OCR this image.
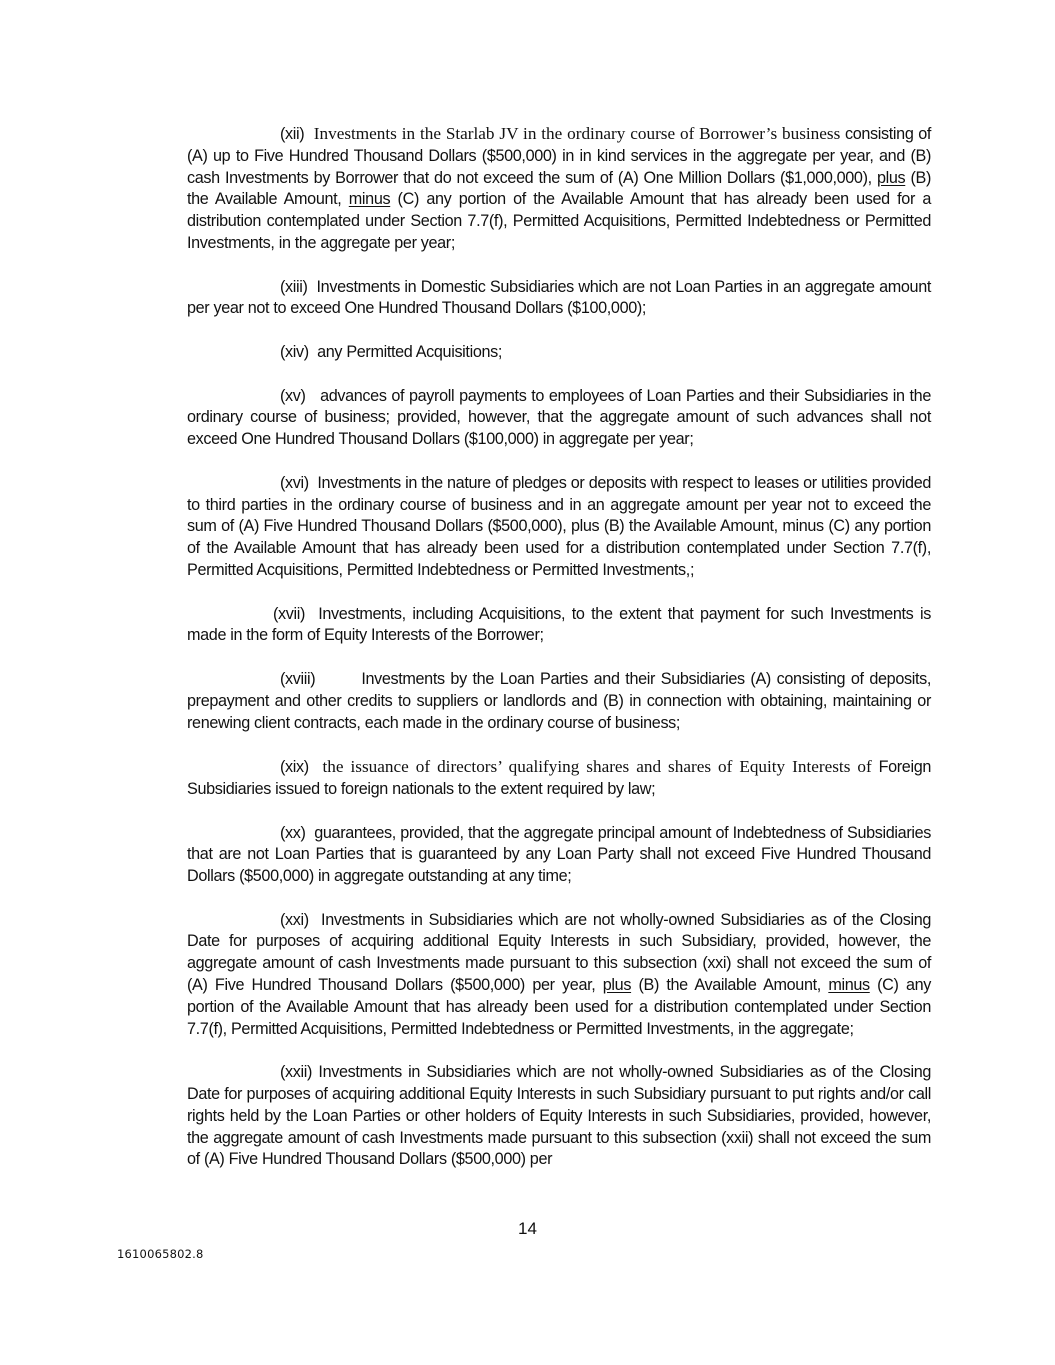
(xii) Investments in the Starlab JV in the ordinary course of Borrower’s business consisting of (A) up to Five Hundred Thousand Dollars ($500,000) in in kind services in the aggregate per year, and (B) cash Investments by Borrower that do not exceed the sum of (A) One Million Dollars ($1,000,000), plus (B) the Available Amount, minus (C) any portion of the Available Amount that has already been used for a distribution contemplated under Section 7.7(f), Permitted Acquisitions, Permitted Indebtedness or Permitted Investments, in the aggregate per year;

(xiii) Investments in Domestic Subsidiaries which are not Loan Parties in an aggregate amount per year not to exceed One Hundred Thousand Dollars ($100,000);

(xiv) any Permitted Acquisitions;

(xv) advances of payroll payments to employees of Loan Parties and their Subsidiaries in the ordinary course of business; provided, however, that the aggregate amount of such advances shall not exceed One Hundred Thousand Dollars ($100,000) in aggregate per year;

(xvi) Investments in the nature of pledges or deposits with respect to leases or utilities provided to third parties in the ordinary course of business and in an aggregate amount per year not to exceed the sum of (A) Five Hundred Thousand Dollars ($500,000), plus (B) the Available Amount, minus (C) any portion of the Available Amount that has already been used for a distribution contemplated under Section 7.7(f), Permitted Acquisitions, Permitted Indebtedness or Permitted Investments,;

(xvii) Investments, including Acquisitions, to the extent that payment for such Investments is made in the form of Equity Interests of the Borrower;

(xviii)	Investments by the Loan Parties and their Subsidiaries (A) consisting of deposits, prepayment and other credits to suppliers or landlords and (B) in connection with obtaining, maintaining or renewing client contracts, each made in the ordinary course of business;

(xix) the issuance of directors’ qualifying shares and shares of Equity Interests of Foreign Subsidiaries issued to foreign nationals to the extent required by law;

(xx) guarantees, provided, that the aggregate principal amount of Indebtedness of Subsidiaries that are not Loan Parties that is guaranteed by any Loan Party shall not exceed Five Hundred Thousand Dollars ($500,000) in aggregate outstanding at any time;

(xxi) Investments in Subsidiaries which are not wholly-owned Subsidiaries as of the Closing Date for purposes of acquiring additional Equity Interests in such Subsidiary, provided, however, the aggregate amount of cash Investments made pursuant to this subsection (xxi) shall not exceed the sum of (A) Five Hundred Thousand Dollars ($500,000) per year, plus (B) the Available Amount, minus (C) any portion of the Available Amount that has already been used for a distribution contemplated under Section 7.7(f), Permitted Acquisitions, Permitted Indebtedness or Permitted Investments, in the aggregate;

(xxii) Investments in Subsidiaries which are not wholly-owned Subsidiaries as of the Closing Date for purposes of acquiring additional Equity Interests in such Subsidiary pursuant to put rights and/or call rights held by the Loan Parties or other holders of Equity Interests in such Subsidiaries, provided, however, the aggregate amount of cash Investments made pursuant to this subsection (xxii) shall not exceed the sum of (A) Five Hundred Thousand Dollars ($500,000) per

14
1610065802.8
